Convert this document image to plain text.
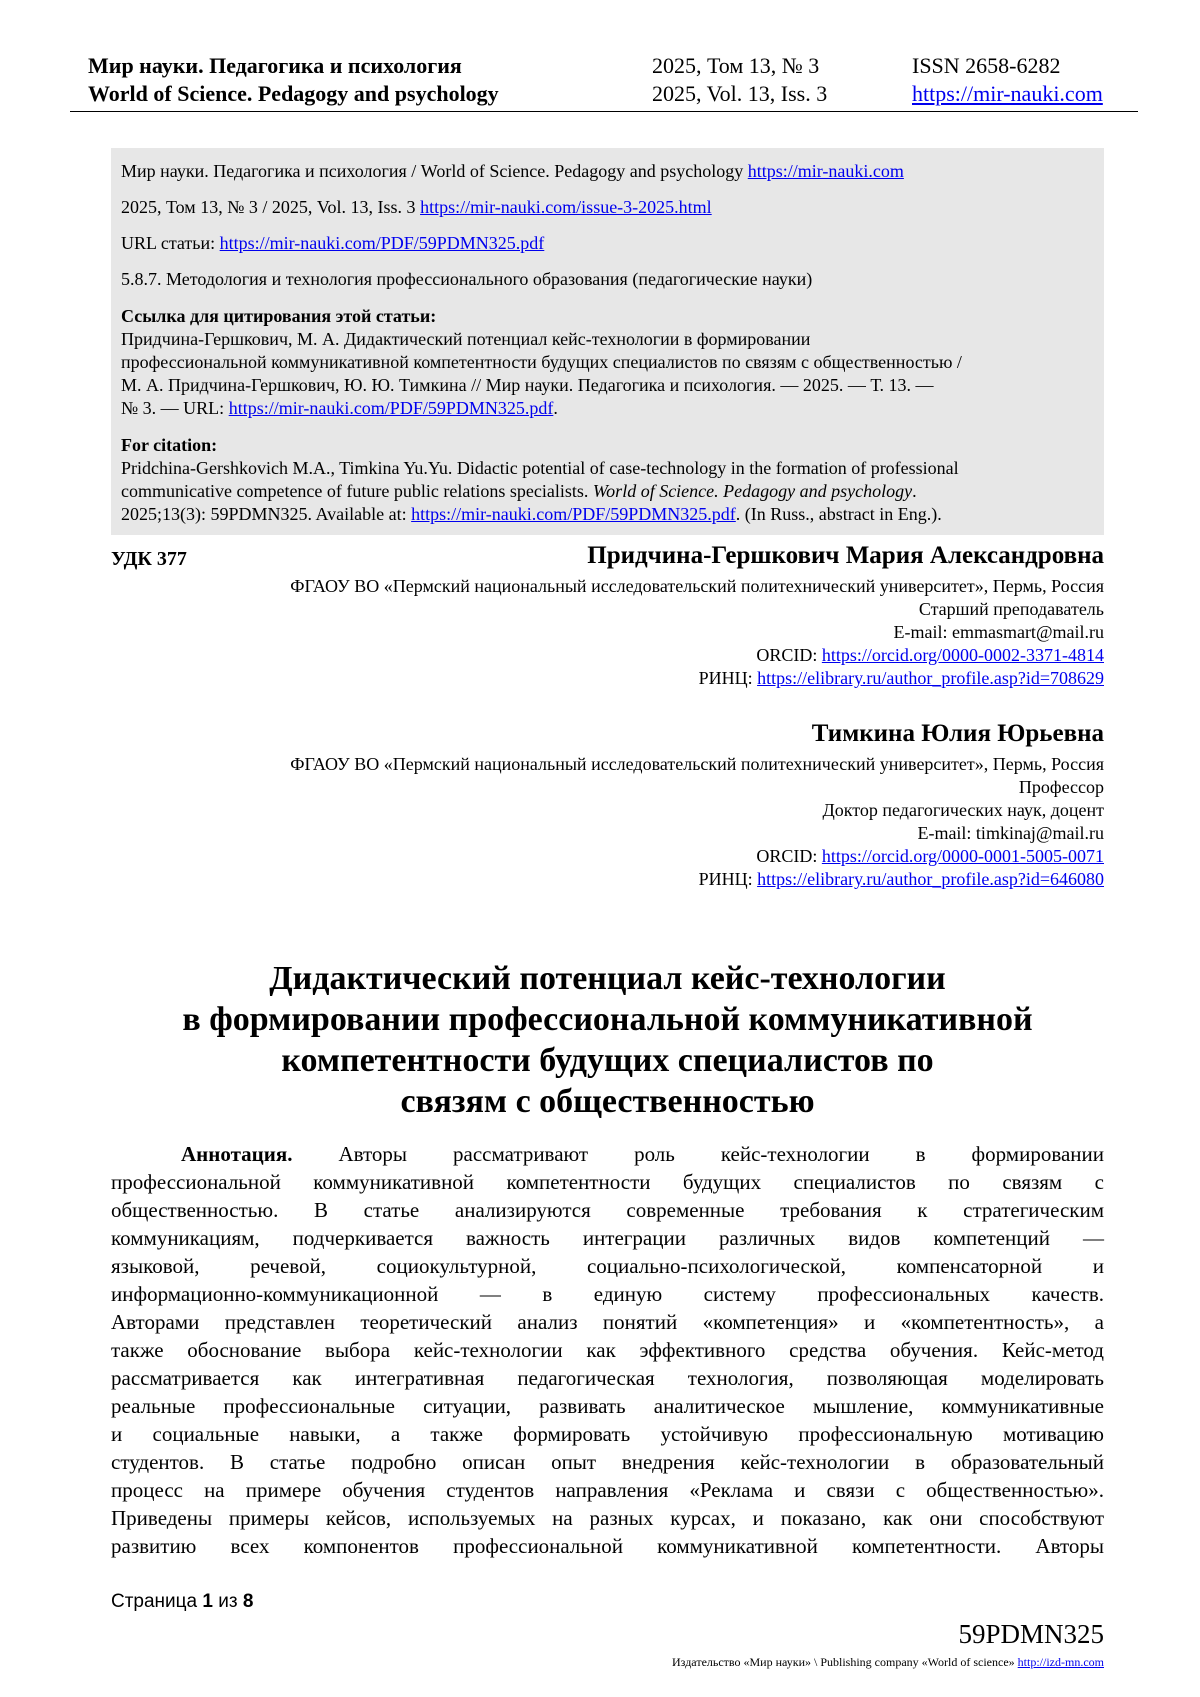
Мир науки. Педагогика и психология	2025, Том 13, № 3	ISSN 2658-6282
World of Science. Pedagogy and psychology	2025, Vol. 13, Iss. 3	https://mir-nauki.com

Мир науки. Педагогика и психология / World of Science. Pedagogy and psychology https://mir-nauki.com

2025, Том 13, № 3 / 2025, Vol. 13, Iss. 3 https://mir-nauki.com/issue-3-2025.html

URL статьи: https://mir-nauki.com/PDF/59PDMN325.pdf

5.8.7. Методология и технология профессионального образования (педагогические науки)

Ссылка для цитирования этой статьи:
Придчина-Гершкович, М. А. Дидактический потенциал кейс-технологии в формировании
профессиональной коммуникативной компетентности будущих специалистов по связям с общественностью /
М. А. Придчина-Гершкович, Ю. Ю. Тимкина // Мир науки. Педагогика и психология. — 2025. — Т. 13. —
№ 3. — URL: https://mir-nauki.com/PDF/59PDMN325.pdf.

For citation:
Pridchina-Gershkovich M.A., Timkina Yu.Yu. Didactic potential of case-technology in the formation of professional
communicative competence of future public relations specialists. World of Science. Pedagogy and psychology.
2025;13(3): 59PDMN325. Available at: https://mir-nauki.com/PDF/59PDMN325.pdf. (In Russ., abstract in Eng.).

УДК 377	Придчина-Гершкович Мария Александровна
ФГАОУ ВО «Пермский национальный исследовательский политехнический университет», Пермь, Россия
Старший преподаватель
E-mail: emmasmart@mail.ru
ORCID: https://orcid.org/0000-0002-3371-4814
РИНЦ: https://elibrary.ru/author_profile.asp?id=708629
Тимкина Юлия Юрьевна
ФГАОУ ВО «Пермский национальный исследовательский политехнический университет», Пермь, Россия
Профессор
Доктор педагогических наук, доцент
E-mail: timkinaj@mail.ru
ORCID: https://orcid.org/0000-0001-5005-0071
РИНЦ: https://elibrary.ru/author_profile.asp?id=646080
Дидактический потенциал кейс-технологии
в формировании профессиональной коммуникативной
компетентности будущих специалистов по
связям с общественностью
Аннотация. Авторы рассматривают роль кейс-технологии в формировании
профессиональной коммуникативной компетентности будущих специалистов по связям с
общественностью. В статье анализируются современные требования к стратегическим
коммуникациям, подчеркивается важность интеграции различных видов компетенций —
языковой, речевой, социокультурной, социально-психологической, компенсаторной и
информационно-коммуникационной — в единую систему профессиональных качеств.
Авторами представлен теоретический анализ понятий «компетенция» и «компетентность», а
также обоснование выбора кейс-технологии как эффективного средства обучения. Кейс-метод
рассматривается как интегративная педагогическая технология, позволяющая моделировать
реальные профессиональные ситуации, развивать аналитическое мышление, коммуникативные
и социальные навыки, а также формировать устойчивую профессиональную мотивацию
студентов. В статье подробно описан опыт внедрения кейс-технологии в образовательный
процесс на примере обучения студентов направления «Реклама и связи с общественностью».
Приведены примеры кейсов, используемых на разных курсах, и показано, как они способствуют
развитию всех компонентов профессиональной коммуникативной компетентности. Авторы
Страница 1 из 8
59PDMN325
Издательство «Мир науки» \ Publishing company «World of science» http://izd-mn.com
